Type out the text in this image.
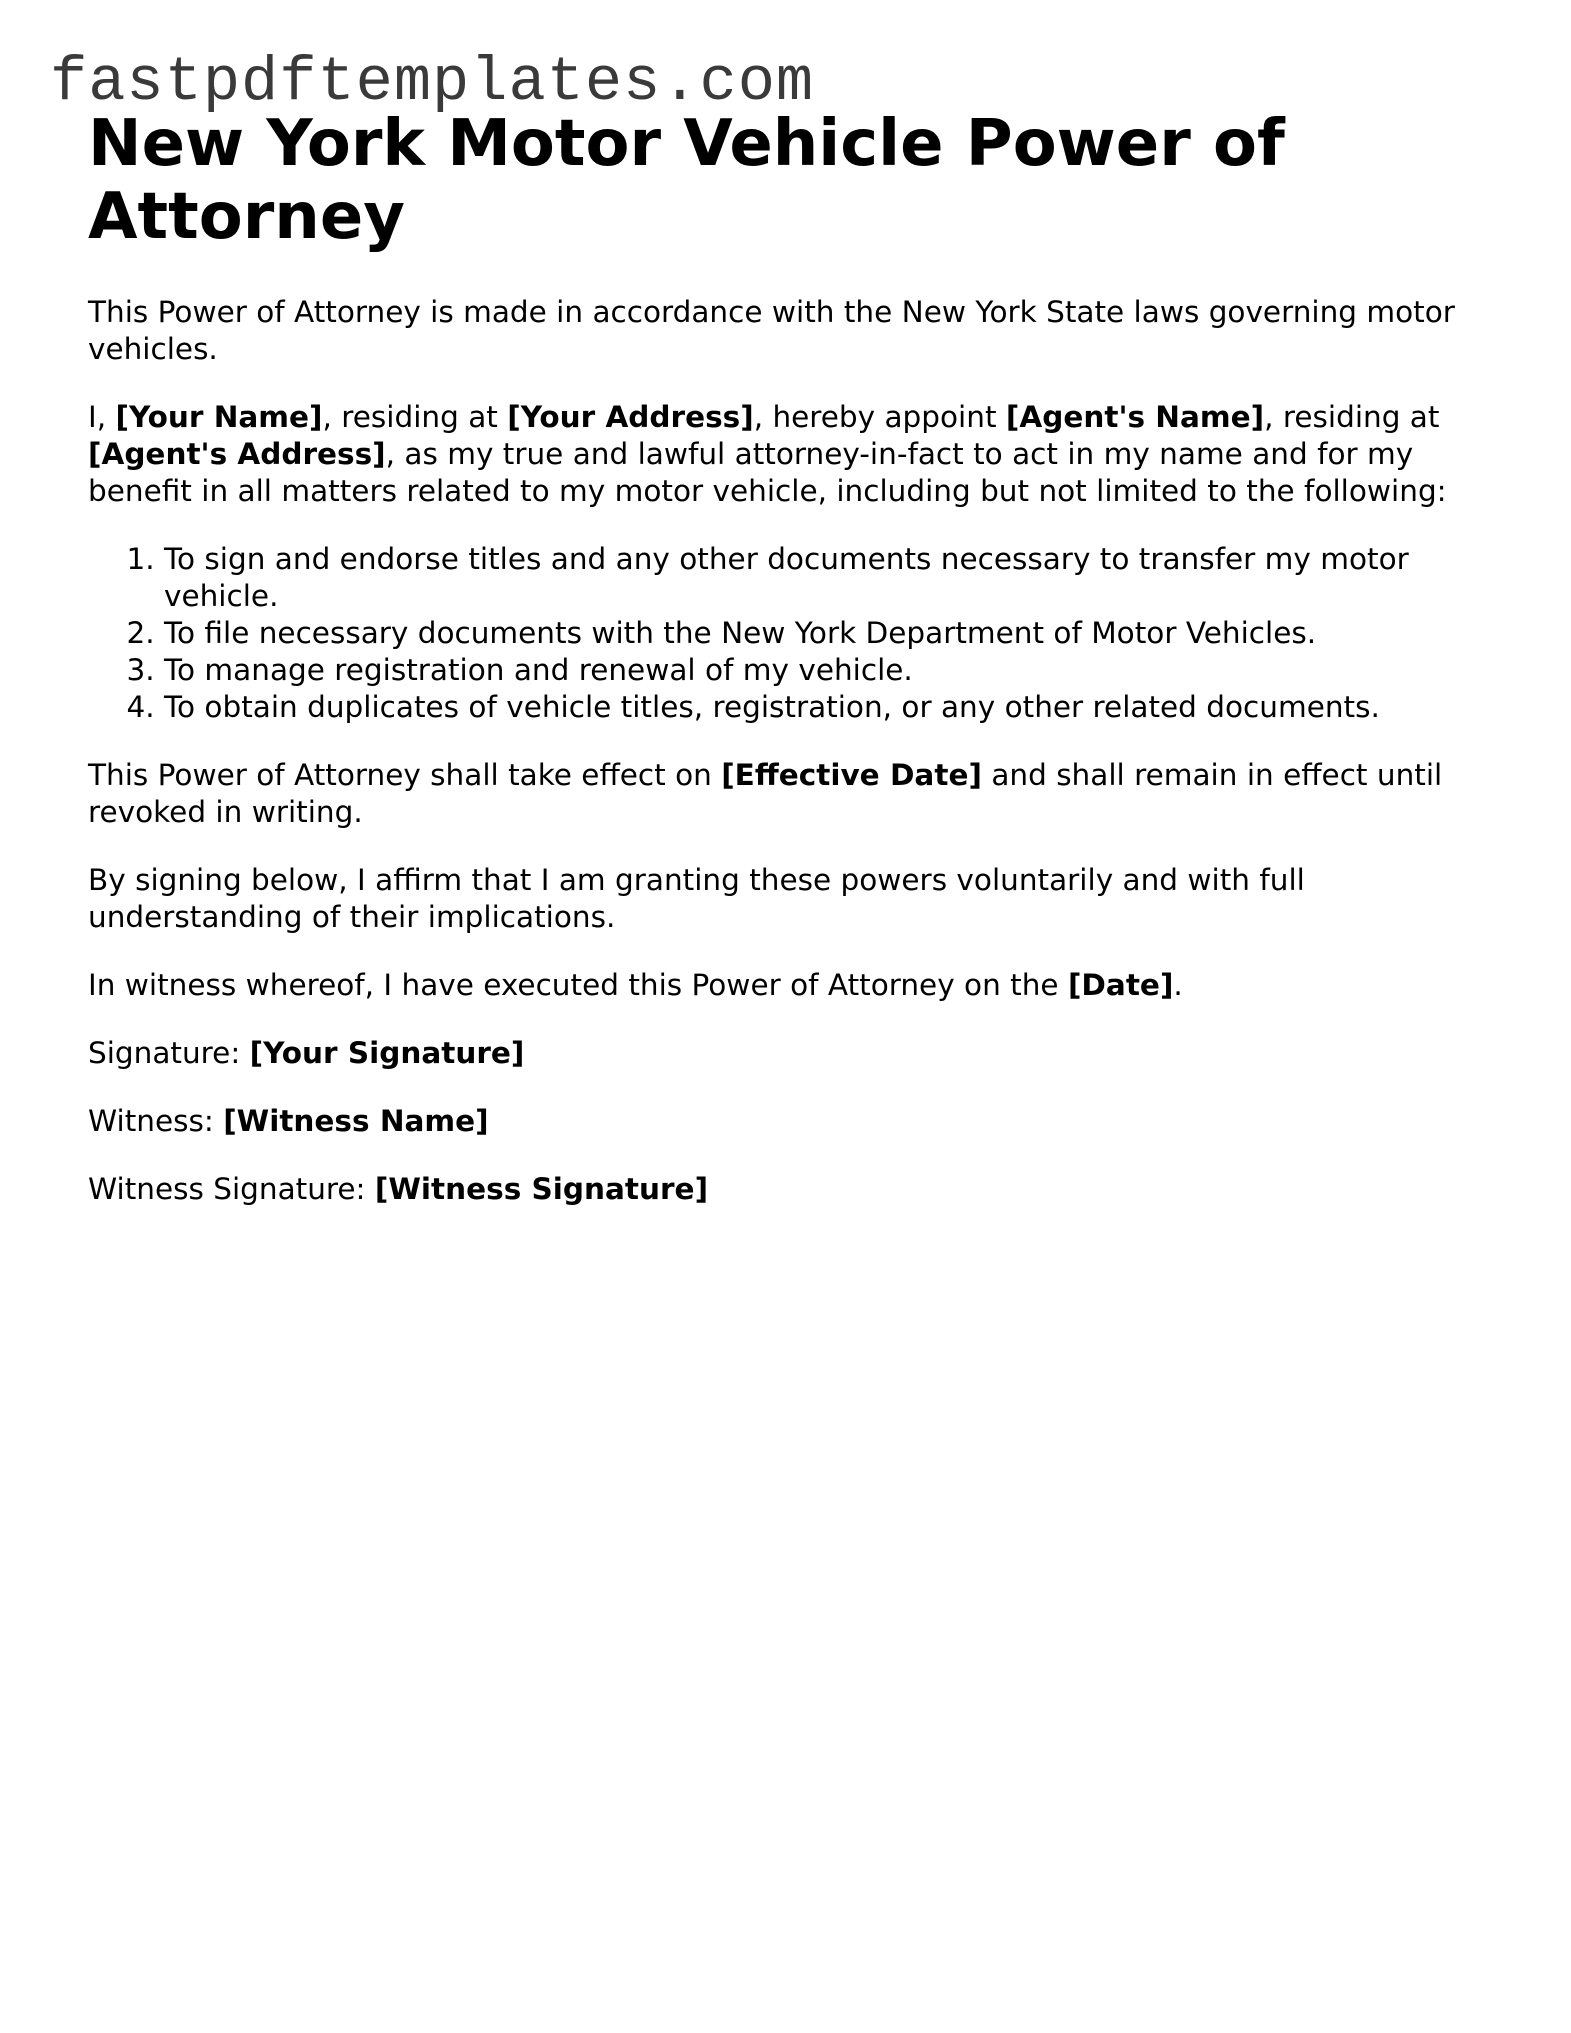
fastpdftemplates.com
New York Motor Vehicle Power of Attorney

This Power of Attorney is made in accordance with the New York State laws governing motor vehicles.

I, [Your Name], residing at [Your Address], hereby appoint [Agent's Name], residing at [Agent's Address], as my true and lawful attorney-in-fact to act in my name and for my benefit in all matters related to my motor vehicle, including but not limited to the following:

1. To sign and endorse titles and any other documents necessary to transfer my motor vehicle.
2. To file necessary documents with the New York Department of Motor Vehicles.
3. To manage registration and renewal of my vehicle.
4. To obtain duplicates of vehicle titles, registration, or any other related documents.

This Power of Attorney shall take effect on [Effective Date] and shall remain in effect until revoked in writing.

By signing below, I affirm that I am granting these powers voluntarily and with full understanding of their implications.

In witness whereof, I have executed this Power of Attorney on the [Date].

Signature: [Your Signature]

Witness: [Witness Name]

Witness Signature: [Witness Signature]
